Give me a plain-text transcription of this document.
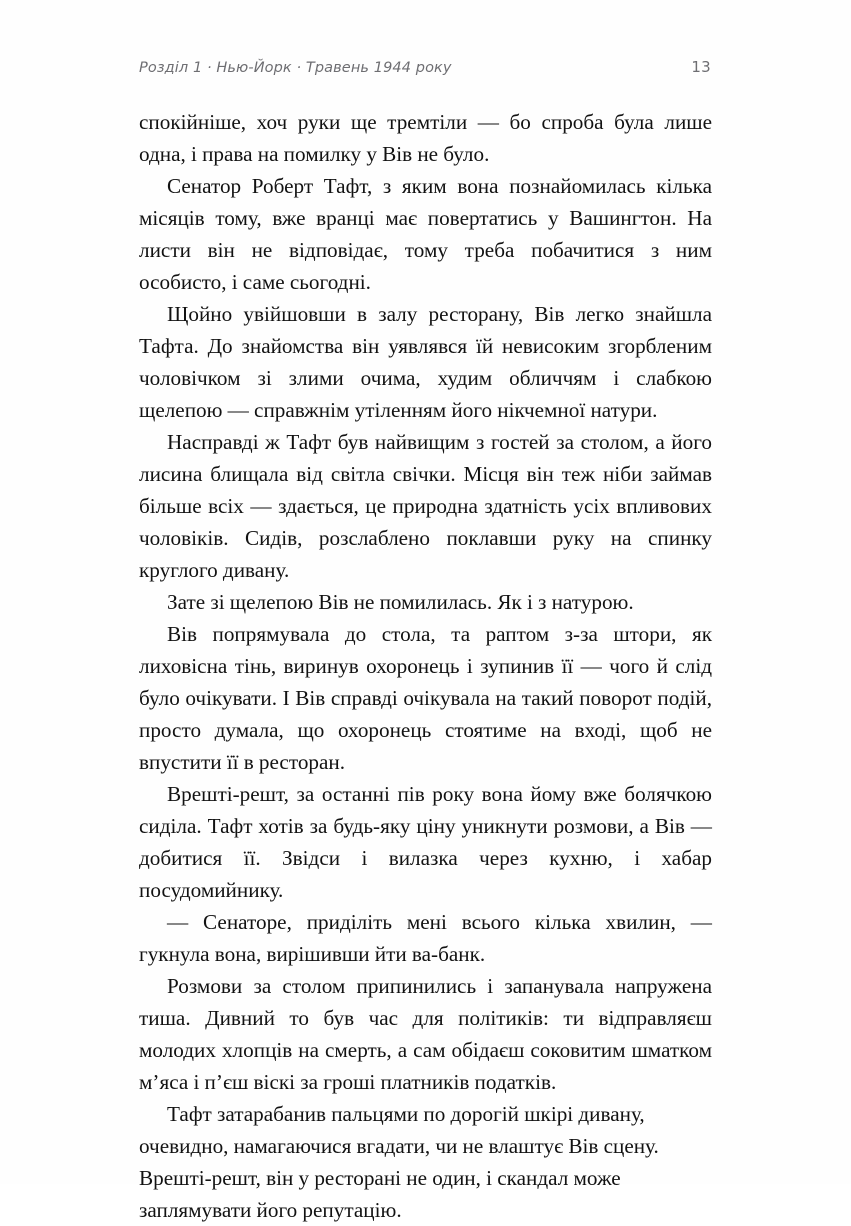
Розділ 1 · Нью-Йорк · Травень 1944 року	13

спокійніше, хоч руки ще тремтіли — бо спроба була лише одна, і права на помилку у Вів не було.

Сенатор Роберт Тафт, з яким вона познайомилась кілька місяців тому, вже вранці має повертатись у Вашингтон. На листи він не відповідає, тому треба побачитися з ним особисто, і саме сьогодні.

Щойно увійшовши в залу ресторану, Вів легко знайшла Тафта. До знайомства він уявлявся їй невисоким згорбленим чоловічком зі злими очима, худим обличчям і слабкою щелепою — справжнім утіленням його нікчемної натури.

Насправді ж Тафт був найвищим з гостей за столом, а його лисина блищала від світла свічки. Місця він теж ніби займав більше всіх — здається, це природна здатність усіх впливових чоловіків. Сидів, розслаблено поклавши руку на спинку круглого дивану.

Зате зі щелепою Вів не помилилась. Як і з натурою.

Вів попрямувала до стола, та раптом з-за штори, як лиховісна тінь, виринув охоронець і зупинив її — чого й слід було очікувати. І Вів справді очікувала на такий поворот подій, просто думала, що охоронець стоятиме на вході, щоб не впустити її в ресторан.

Врешті-решт, за останні пів року вона йому вже болячкою сиділа. Тафт хотів за будь-яку ціну уникнути розмови, а Вів — добитися її. Звідси і вилазка через кухню, і хабар посудомийнику.

— Сенаторе, приділіть мені всього кілька хвилин, — гукнула вона, вирішивши йти ва-банк.

Розмови за столом припинились і запанувала напружена тиша. Дивний то був час для політиків: ти відправляєш молодих хлопців на смерть, а сам обідаєш соковитим шматком м’яса і п’єш віскі за гроші платників податків.

Тафт затарабанив пальцями по дорогій шкірі дивану, очевидно, намагаючися вгадати, чи не влаштує Вів сцену. Врешті-решт, він у ресторані не один, і скандал може заплямувати його репутацію.
